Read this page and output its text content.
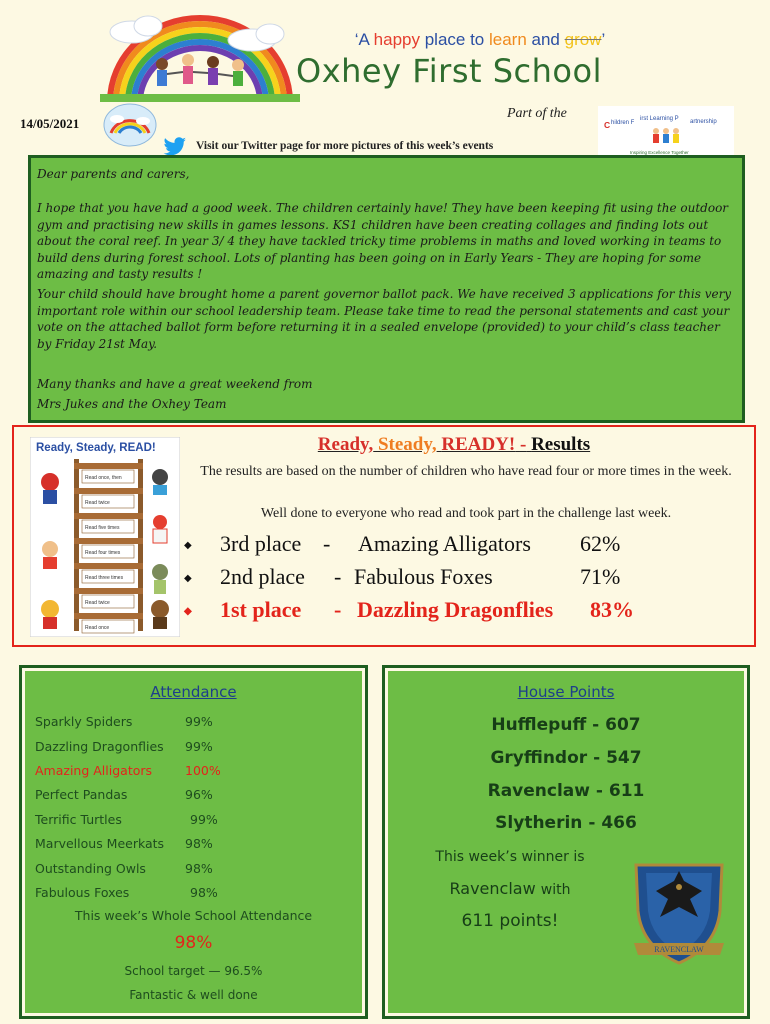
‘A happy place to learn and grow’
Oxhey First School
14/05/2021
Part of the
C hildren F
irst Learning P artnership
Inspiring Excellence Together
Visit our Twitter page for more pictures of this week’s events

Dear parents and carers,

I hope that you have had a good week. The children certainly have! They have been keeping fit using the outdoor gym and practising new skills in games lessons. KS1 children have been creating collages and finding lots out about the coral reef. In year 3/ 4 they have tackled tricky time problems in maths and loved working in teams to build dens during forest school. Lots of planting has been going on in Early Years - They are hoping for some amazing and tasty results !

Your child should have brought home a parent governor ballot pack. We have received 3 applications for this very important role within our school leadership team. Please take time to read the personal statements and cast your vote on the attached ballot form before returning it in a sealed envelope (provided) to your child’s class teacher by Friday 21st May.

Many thanks and have a great weekend from

Mrs Jukes and the Oxhey Team

Ready, Steady, READ!
Read once, then
Read twice
Read five times
Read four times
Read three times
Read twice
Read once
Ready, Steady, READY! - Results
The results are based on the number of children who have read four or more times in the week.
Well done to everyone who read and took part in the challenge last week.
◆ 3rd place - Amazing Alligators 62%
◆ 2nd place - Fabulous Foxes	71%
◆ 1st place - Dazzling Dragonflies 83%
Attendance
Sparkly Spiders	99%
Dazzling Dragonflies 99%
Amazing Alligators	100%
Perfect Pandas	96%
Terrific Turtles	99%
Marvellous Meerkats 98%
Outstanding Owls	98%
Fabulous Foxes	98%
This week’s Whole School Attendance
98%
School target — 96.5%
Fantastic & well done
House Points
Hufflepuff - 607
Gryffindor - 547
Ravenclaw - 611
Slytherin - 466
This week’s winner is
Ravenclaw with
611 points!
RAVENCLAW
